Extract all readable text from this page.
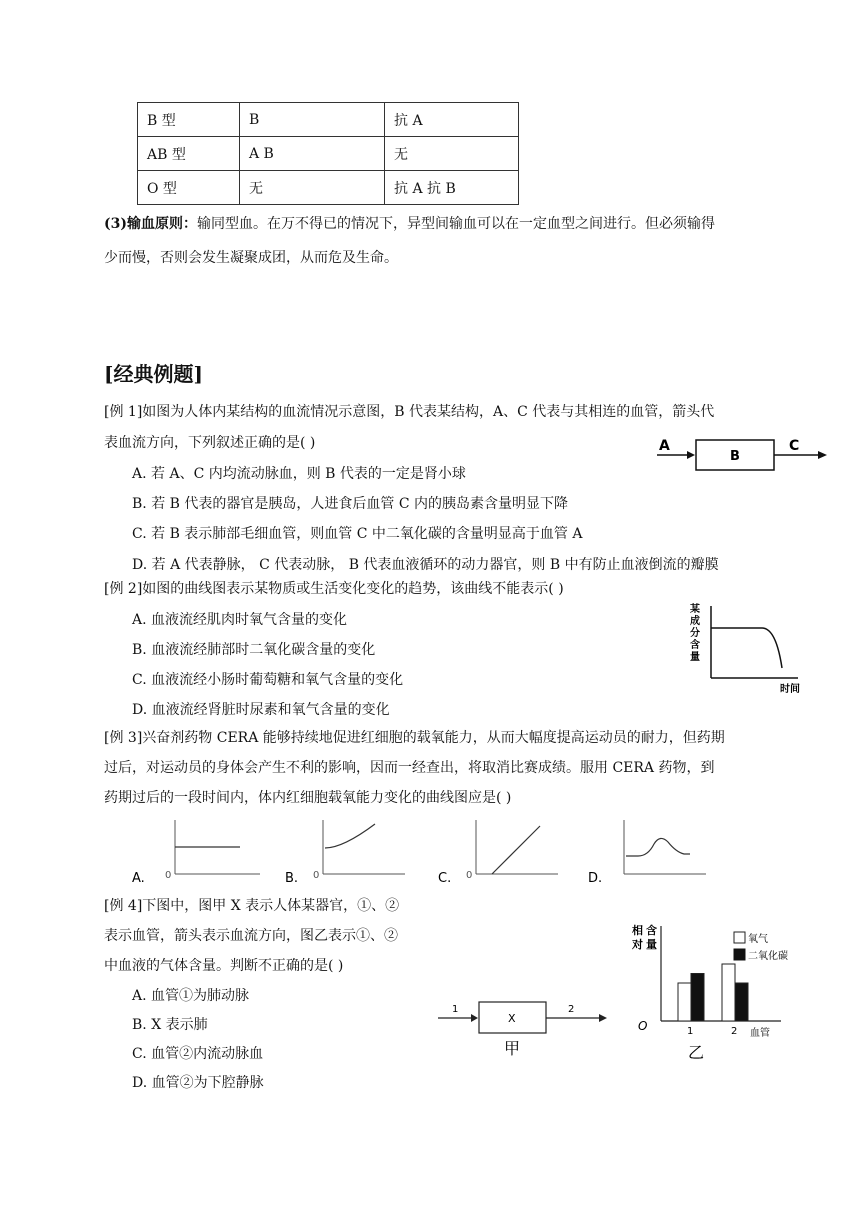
B 型	B	抗 A
AB 型	A B	无
O 型	无	抗 A 抗 B
(3)输血原则：输同型血。在万不得已的情况下，异型间输血可以在一定血型之间进行。但必须输得
少而慢，否则会发生凝聚成团，从而危及生命。
[经典例题]
[例 1]如图为人体内某结构的血流情况示意图，B 代表某结构，A、C 代表与其相连的血管，箭头代
表血流方向，下列叙述正确的是( )
A. 若 A、C 内均流动脉血，则 B 代表的一定是肾小球
B. 若 B 代表的器官是胰岛，人进食后血管 C 内的胰岛素含量明显下降
C. 若 B 表示肺部毛细血管，则血管 C 中二氧化碳的含量明显高于血管 A
D. 若 A 代表静脉， C 代表动脉， B 代表血液循环的动力器官，则 B 中有防止血液倒流的瓣膜
A
B
C
[例 2]如图的曲线图表示某物质或生活变化变化的趋势，该曲线不能表示( )
A. 血液流经肌肉时氧气含量的变化
B. 血液流经肺部时二氧化碳含量的变化
C. 血液流经小肠时葡萄糖和氧气含量的变化
D. 血液流经肾脏时尿素和氧气含量的变化
某成分含量
时间
[例 3]兴奋剂药物 CERA 能够持续地促进红细胞的载氧能力，从而大幅度提高运动员的耐力，但药期
过后，对运动员的身体会产生不利的影响，因而一经查出，将取消比赛成绩。服用 CERA 药物，到
药期过后的一段时间内，体内红细胞载氧能力变化的曲线图应是( )
A. 0	B. 0	C. 0	D.
[例 4]下图中，图甲 X 表示人体某器官，①、②
表示血管，箭头表示血流方向，图乙表示①、②
中血液的气体含量。判断不正确的是( )
A. 血管①为肺动脉
B. X 表示肺
C. 血管②内流动脉血
D. 血管②为下腔静脉
1
X
2
甲
相
对
含
量
O	1	2 血管
氧气
二氧化碳
乙
